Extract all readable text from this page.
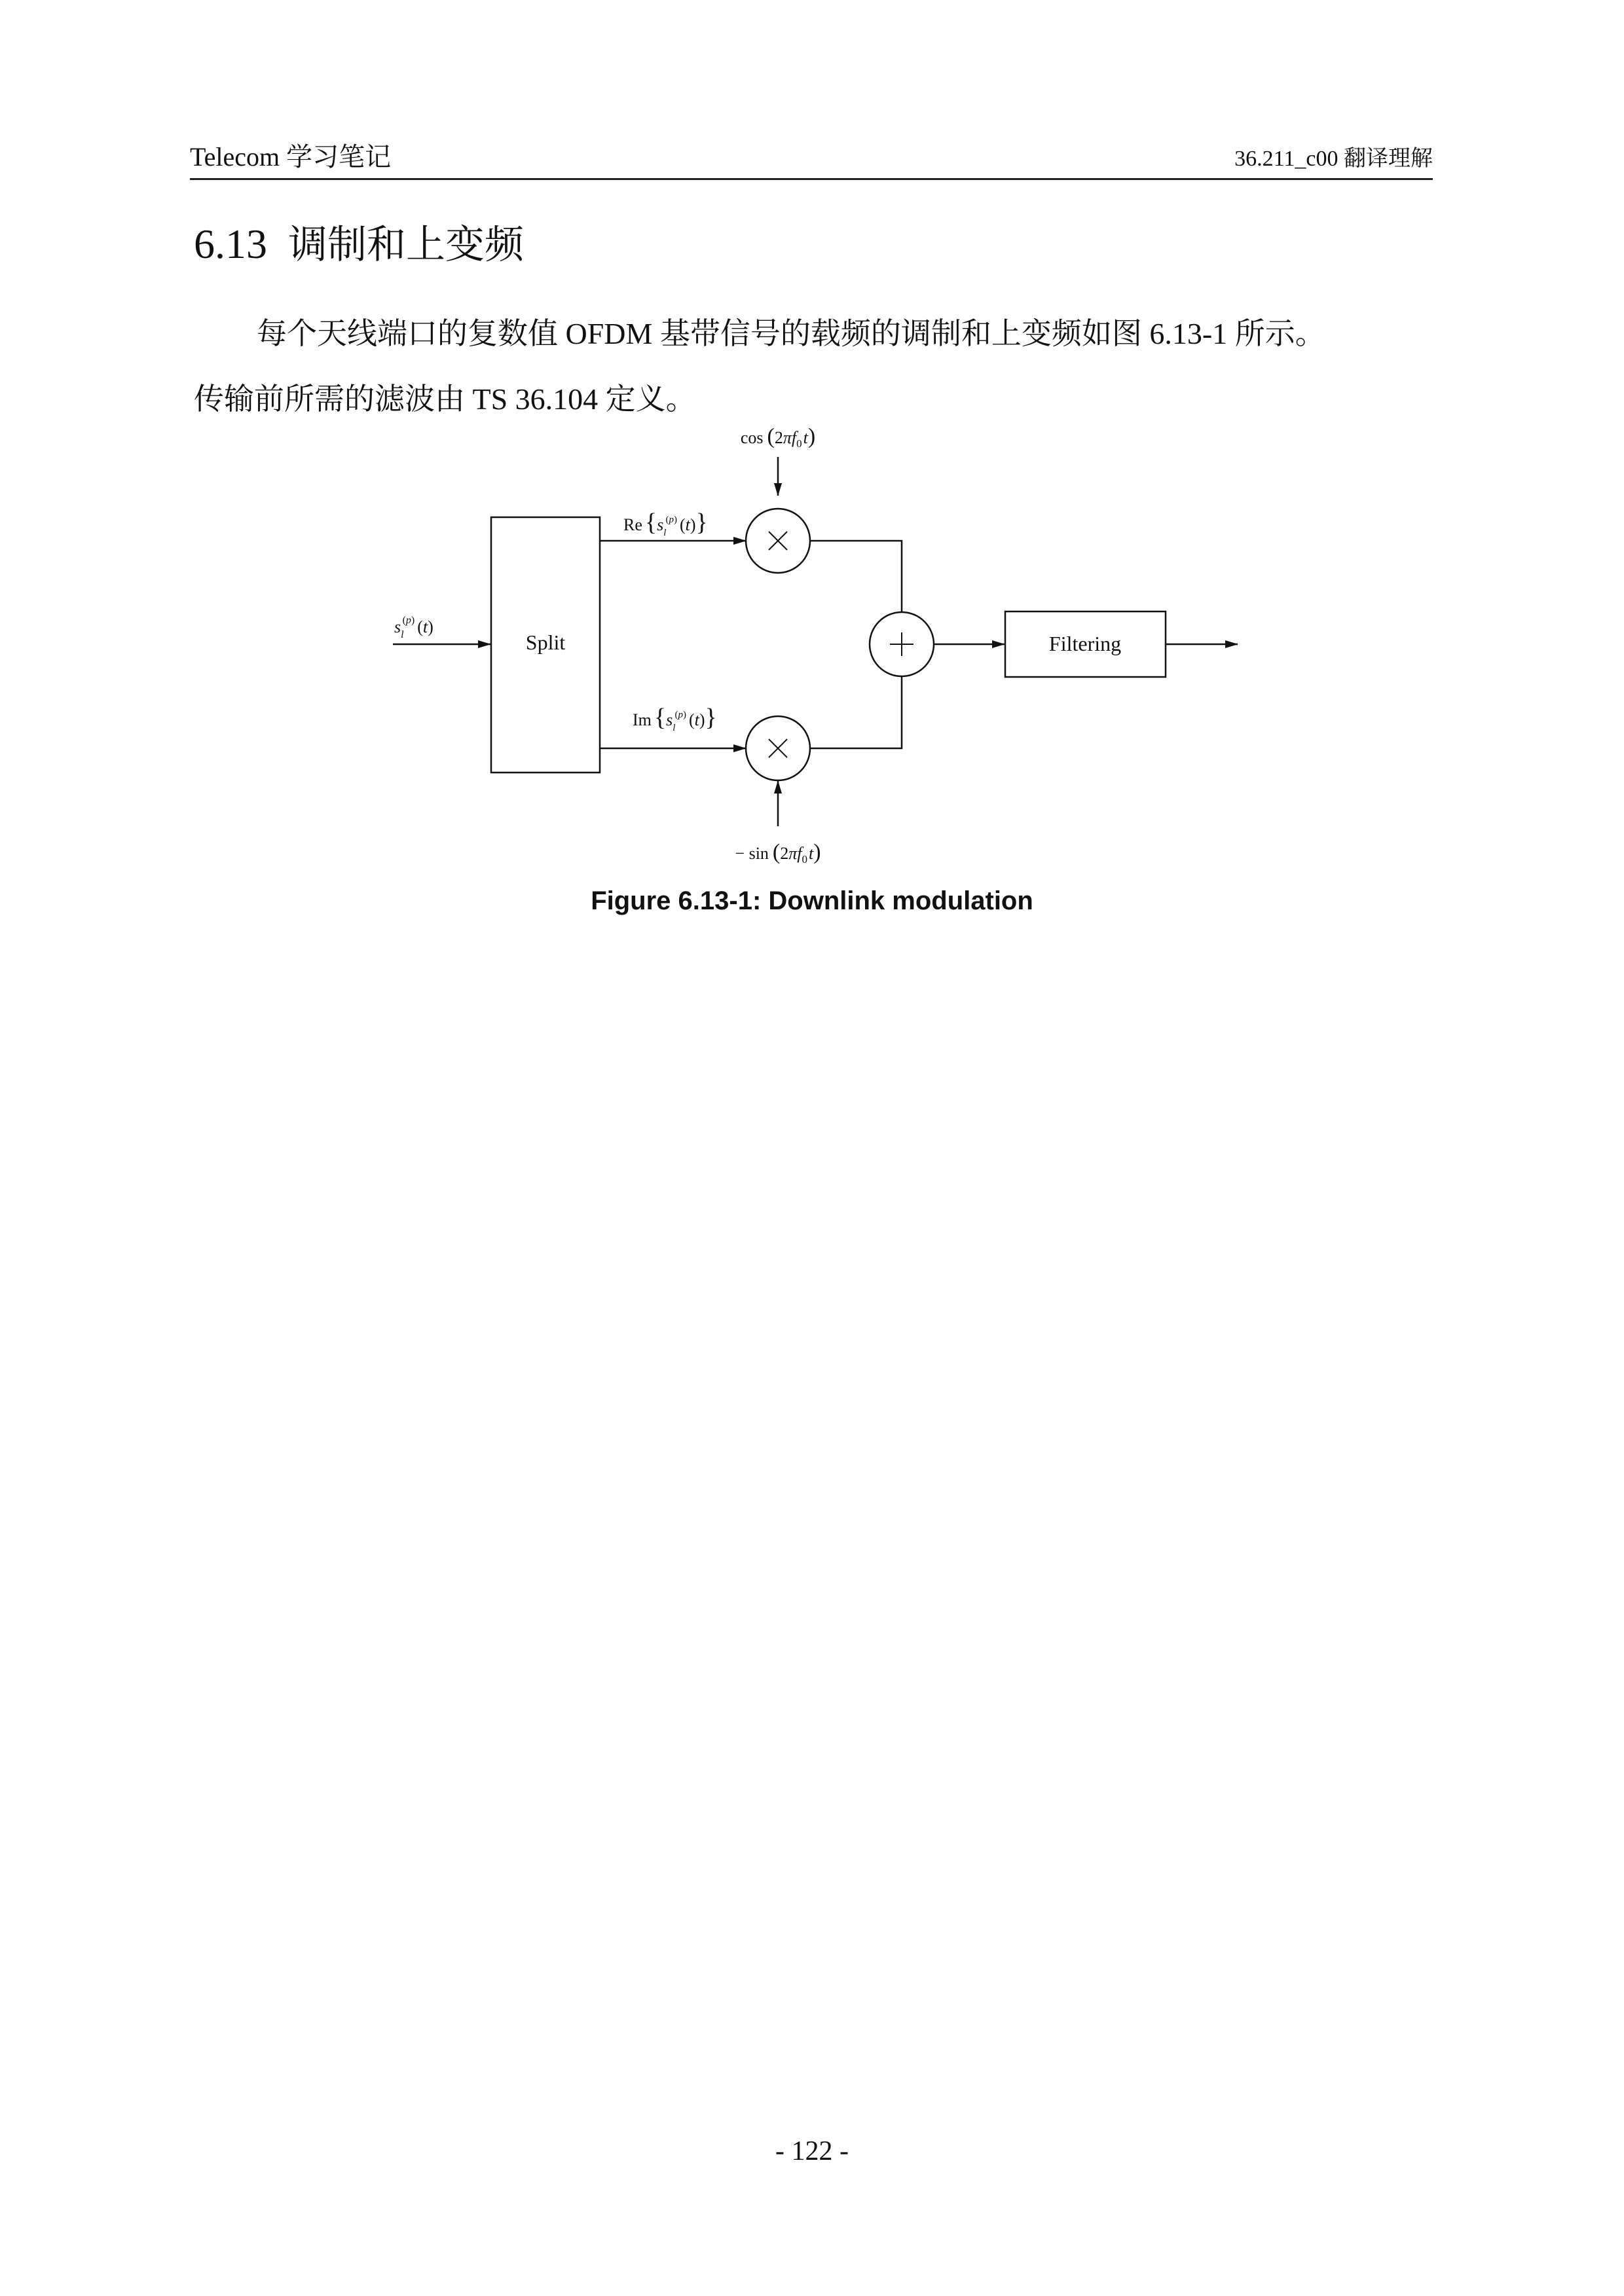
Telecom 学习笔记	36.211_c00 翻译理解
6.13 调制和上变频
每个天线端口的复数值 OFDM 基带信号的载频的调制和上变频如图 6.13-1 所示。
传输前所需的滤波由 TS 36.104 定义。
$\cos (2\pi f_0t)$
Split
$s_l(p)$ (t)
Re {$s_l(p)$ (t)}
Im {$s_l(p)$ (t)}
− $\sin (2\pi f_0t)$
Filtering
Figure 6.13-1: Downlink modulation
- 122 -
